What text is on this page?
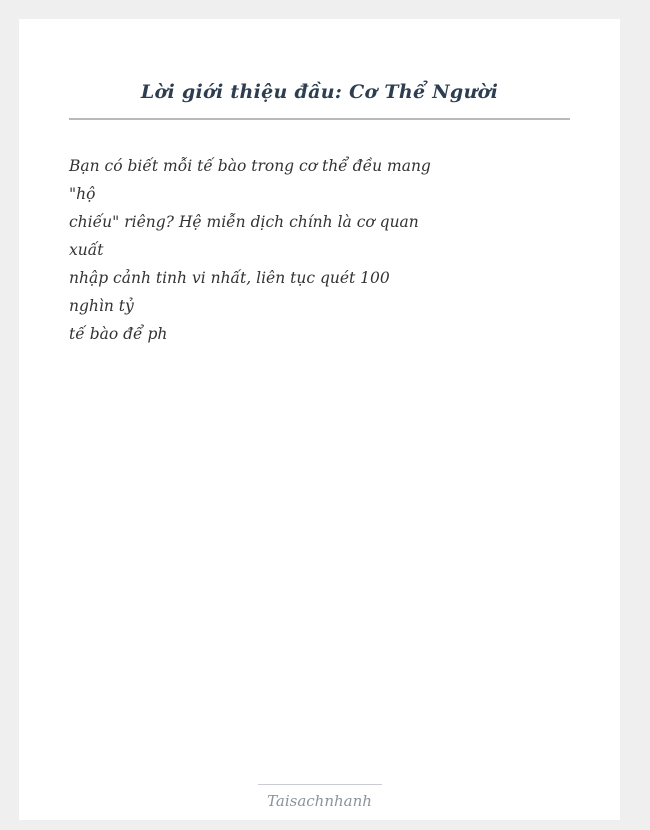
Lời giới thiệu đầu: Cơ Thể Người
Bạn có biết mỗi tế bào trong cơ thể đều mang
"hộ
chiếu" riêng? Hệ miễn dịch chính là cơ quan
xuất
nhập cảnh tinh vi nhất, liên tục quét 100
nghìn tỷ
tế bào để ph
Taisachnhanh
